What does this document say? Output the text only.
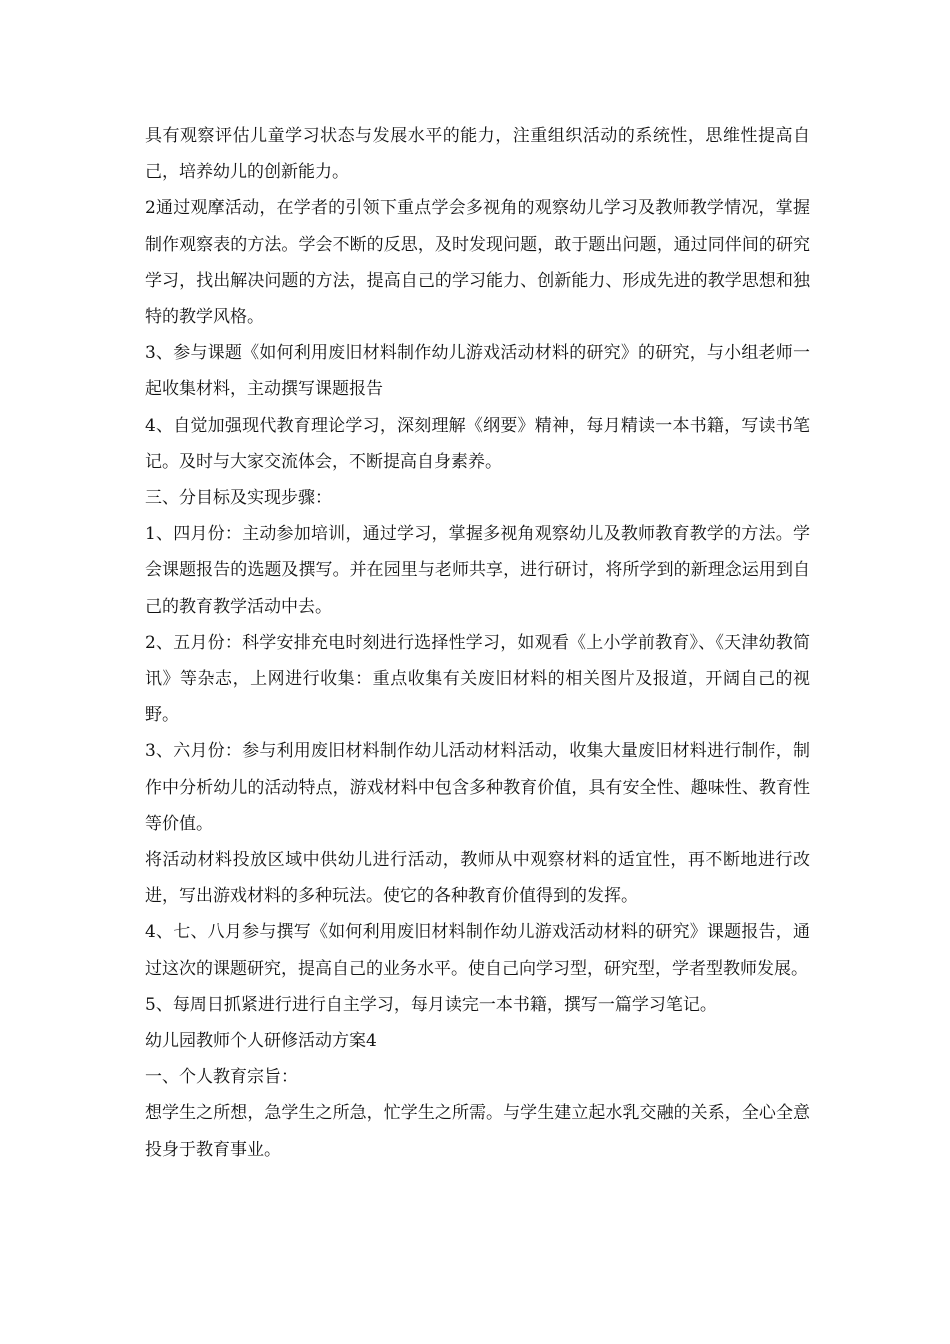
具有观察评估儿童学习状态与发展水平的能力，注重组织活动的系统性，思维性提高自己，培养幼儿的创新能力。

2通过观摩活动，在学者的引领下重点学会多视角的观察幼儿学习及教师教学情况，掌握制作观察表的方法。学会不断的反思，及时发现问题，敢于题出问题，通过同伴间的研究学习，找出解决问题的方法，提高自己的学习能力、创新能力、形成先进的教学思想和独特的教学风格。

3、参与课题《如何利用废旧材料制作幼儿游戏活动材料的研究》的研究，与小组老师一起收集材料，主动撰写课题报告

4、自觉加强现代教育理论学习，深刻理解《纲要》精神，每月精读一本书籍，写读书笔记。及时与大家交流体会，不断提高自身素养。

三、分目标及实现步骤：

1、四月份：主动参加培训，通过学习，掌握多视角观察幼儿及教师教育教学的方法。学会课题报告的选题及撰写。并在园里与老师共享，进行研讨，将所学到的新理念运用到自己的教育教学活动中去。

2、五月份：科学安排充电时刻进行选择性学习，如观看《上小学前教育》、《天津幼教简讯》等杂志，上网进行收集：重点收集有关废旧材料的相关图片及报道，开阔自己的视野。

3、六月份：参与利用废旧材料制作幼儿活动材料活动，收集大量废旧材料进行制作，制作中分析幼儿的活动特点，游戏材料中包含多种教育价值，具有安全性、趣味性、教育性等价值。

将活动材料投放区域中供幼儿进行活动，教师从中观察材料的适宜性，再不断地进行改进，写出游戏材料的多种玩法。使它的各种教育价值得到的发挥。

4、七、八月参与撰写《如何利用废旧材料制作幼儿游戏活动材料的研究》课题报告，通过这次的课题研究，提高自己的业务水平。使自己向学习型，研究型，学者型教师发展。

5、每周日抓紧进行进行自主学习，每月读完一本书籍，撰写一篇学习笔记。

幼儿园教师个人研修活动方案4

一、个人教育宗旨：

想学生之所想，急学生之所急，忙学生之所需。与学生建立起水乳交融的关系，全心全意投身于教育事业。
